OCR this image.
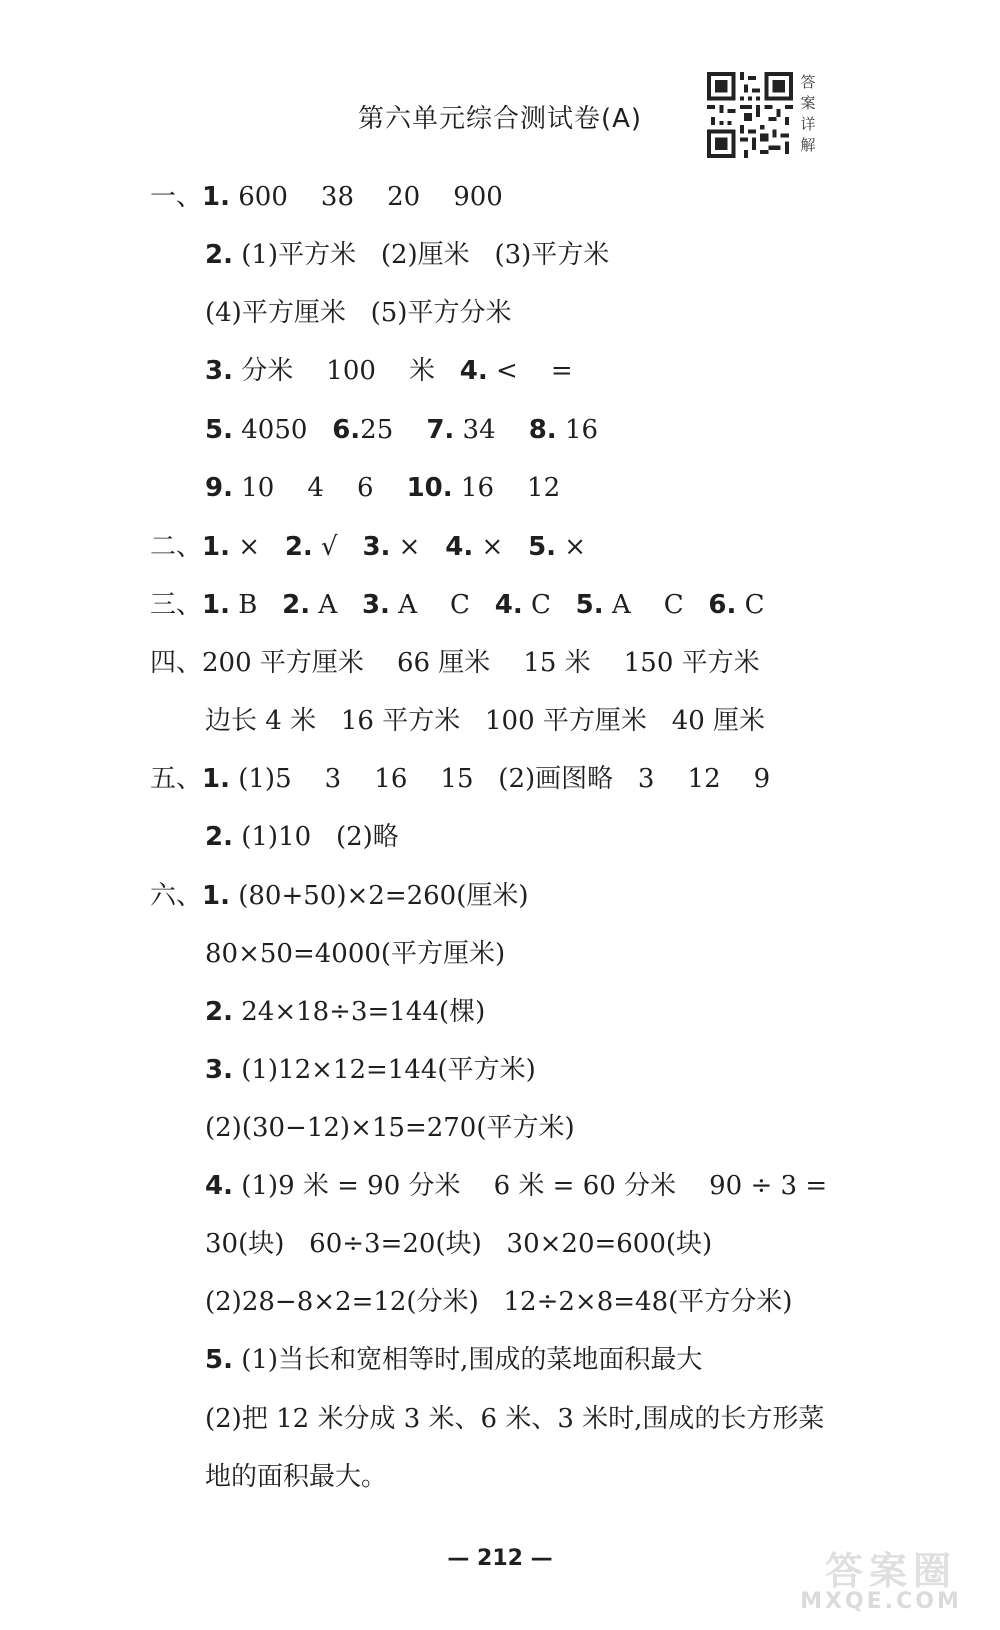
第六单元综合测试卷(A)
答
案
详
解
一、1. 600    38    20    900
2. (1)平方米   (2)厘米   (3)平方米
(4)平方厘米   (5)平方分米
3. 分米    100    米   4. <    =
5. 4050   6.25    7. 34    8. 16
9. 10    4    6    10. 16    12
二、1. ×   2. √   3. ×   4. ×   5. ×
三、1. B   2. A   3. A    C   4. C   5. A    C   6. C
四、200 平方厘米    66 厘米    15 米    150 平方米
边长 4 米   16 平方米   100 平方厘米   40 厘米
五、1. (1)5    3    16    15   (2)画图略   3    12    9
2. (1)10   (2)略
六、1. (80+50)×2=260(厘米)
80×50=4000(平方厘米)
2. 24×18÷3=144(棵)
3. (1)12×12=144(平方米)
(2)(30−12)×15=270(平方米)
4. (1)9 米 = 90 分米    6 米 = 60 分米    90 ÷ 3 =
30(块)   60÷3=20(块)   30×20=600(块)
(2)28−8×2=12(分米)   12÷2×8=48(平方分米)
5. (1)当长和宽相等时,围成的菜地面积最大
(2)把 12 米分成 3 米、6 米、3 米时,围成的长方形菜
地的面积最大。
— 212 —	答案圈
MXQE.COM
